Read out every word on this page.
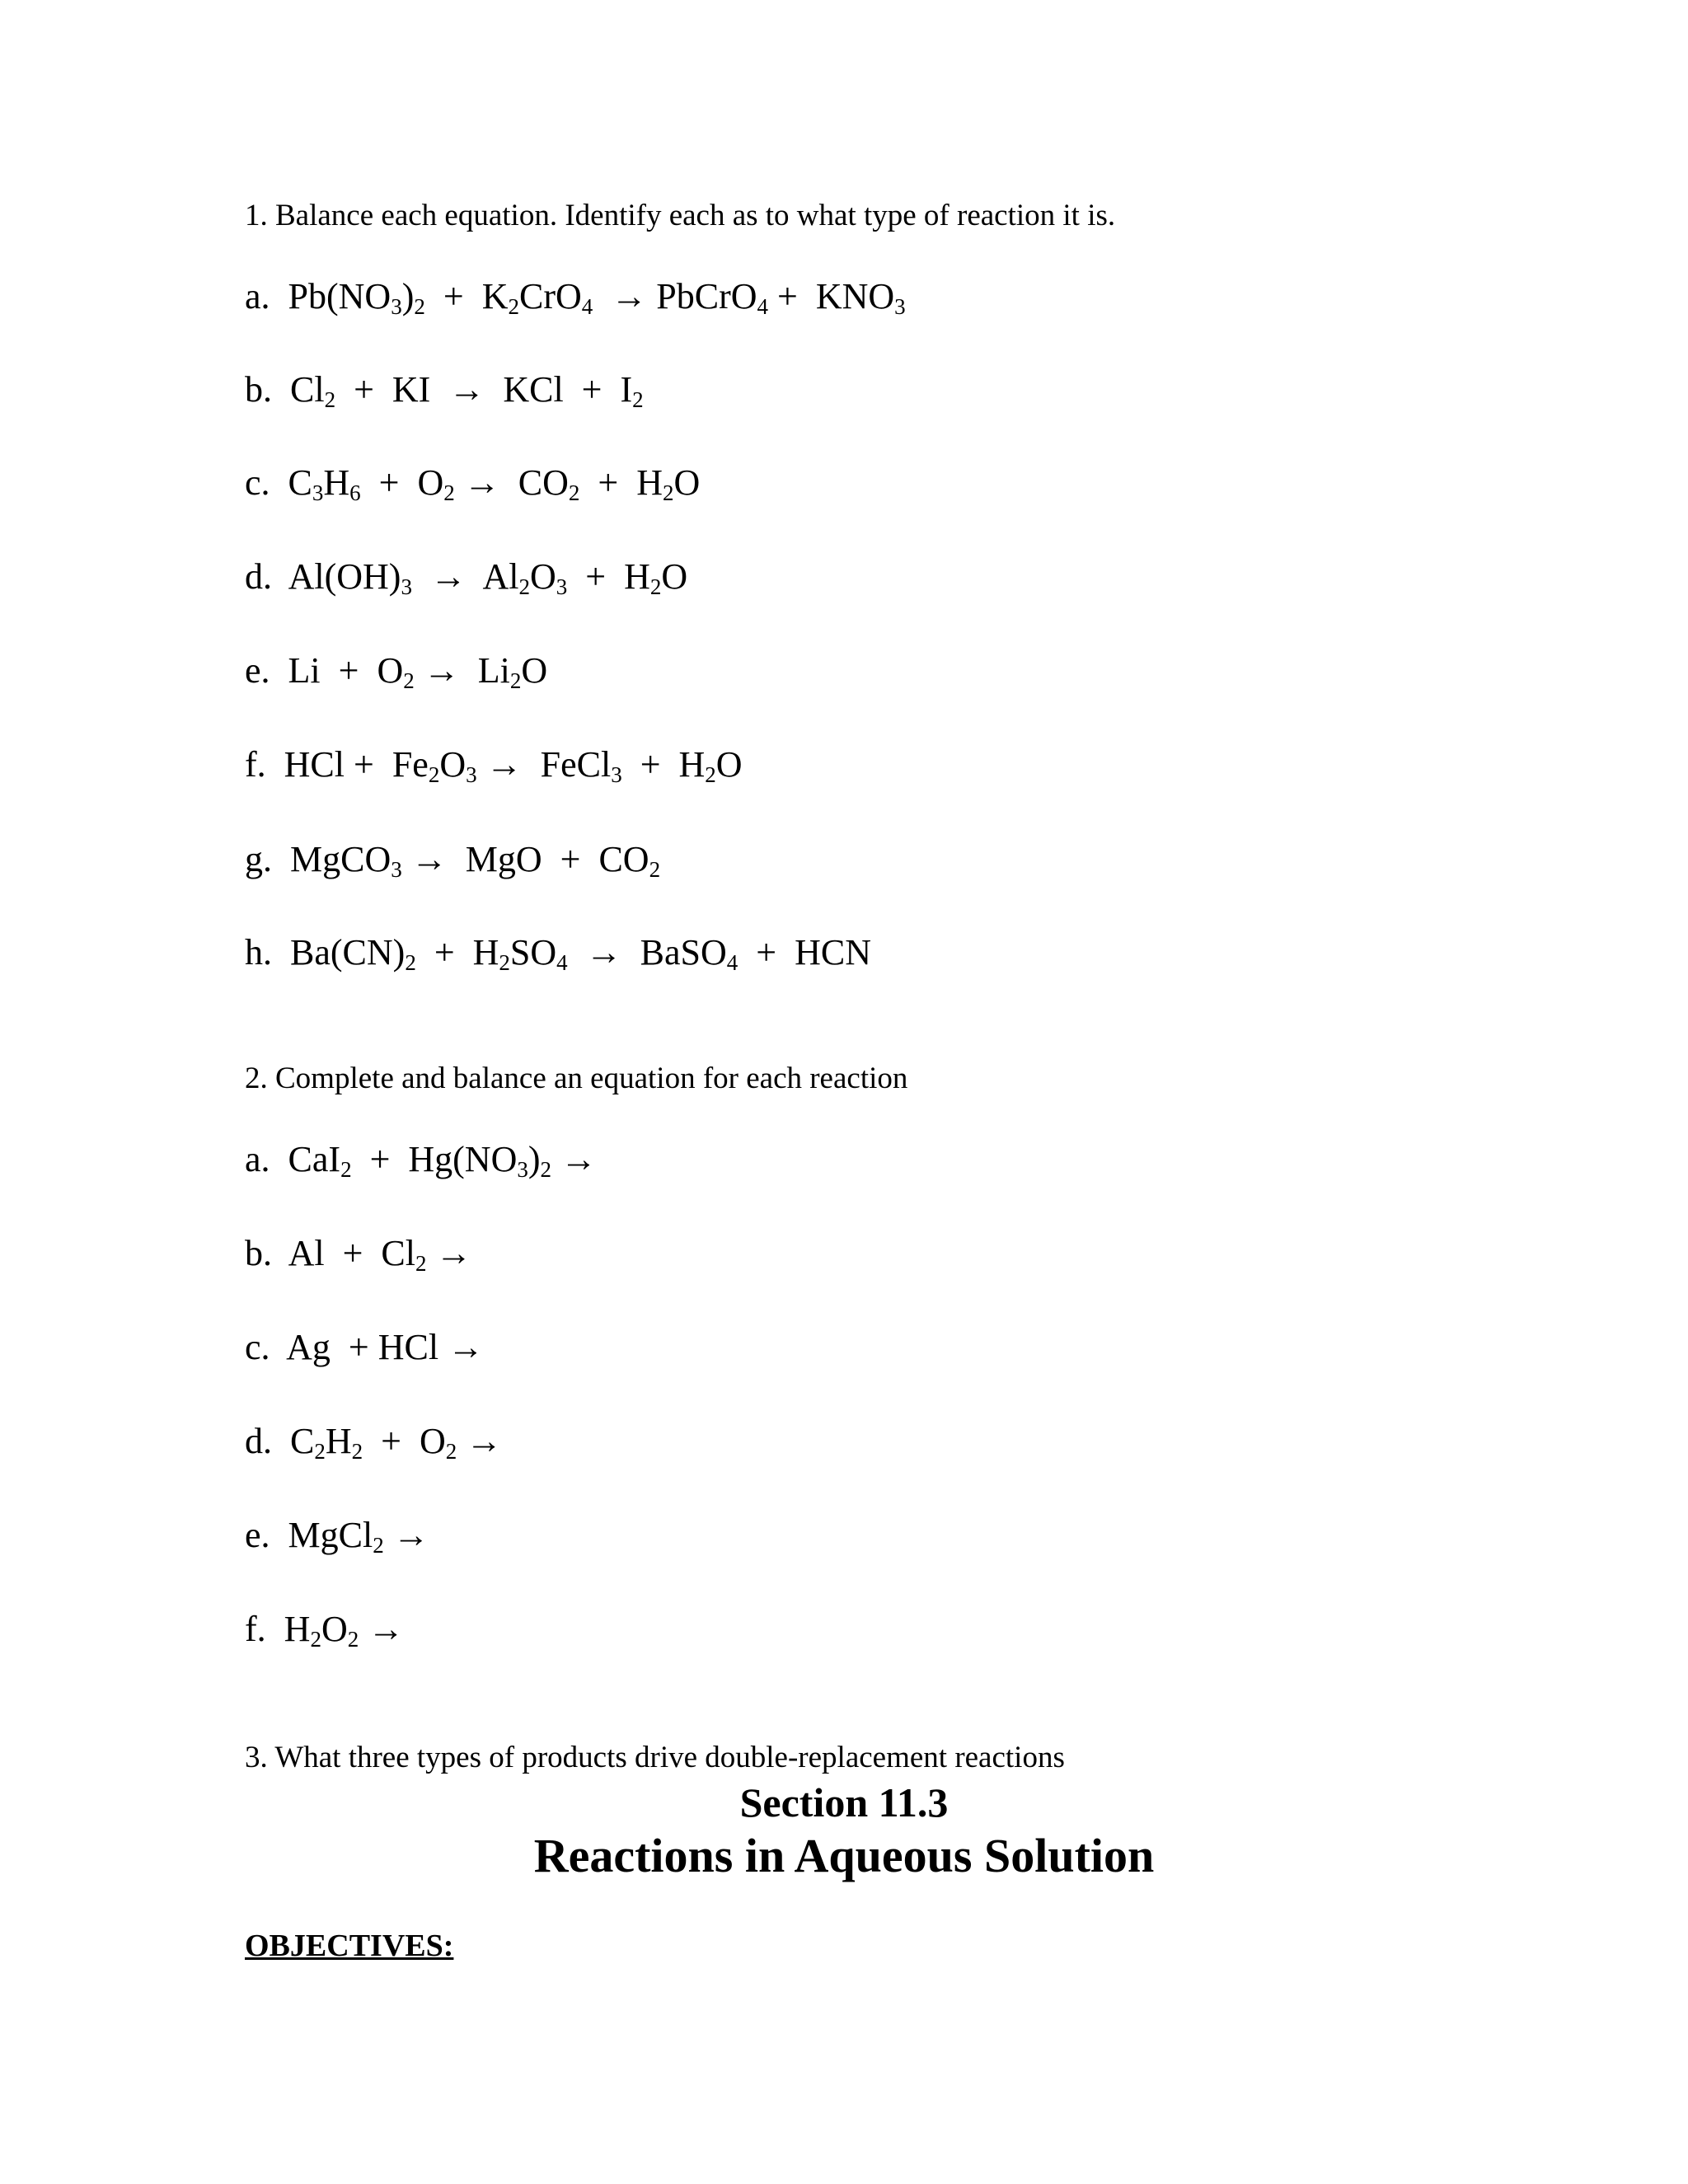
1. Balance each equation. Identify each as to what type of reaction it is.
a. $Pb(NO_3)_2 + K_2CrO_4$  → PbCrO$_4$ +  $KNO_3$
b. $Cl_2$  +  KI  →  KCl  +  $I_2$
c. $C_3H_6 + O_2 \to CO_2 + H_2O$
d. $Al(OH)_3 \to Al_2O_3 + H_2O$
e. $Li + O_2 \to Li_2O$
f. HCl +  $Fe_2O_3$ →  FeCl$_3$  +  $H_2O$
g. MgCO$_3$ →  MgO  +  $CO_2$
h. $Ba(CN)_2 + H_2SO_4$  →  BaSO$_4$  +  HCN
2. Complete and balance an equation for each reaction
a. $CaI_2 + Hg(NO_3)_2$ →
b. $Al + Cl_2$ →
c. Ag  + HCl →
d. $C_2H_2 + O_2$ →
e. MgCl$_2$ →
f. $H_2O_2$ →
3. What three types of products drive double-replacement reactions
Section 11.3
Reactions in Aqueous Solution
OBJECTIVES:
